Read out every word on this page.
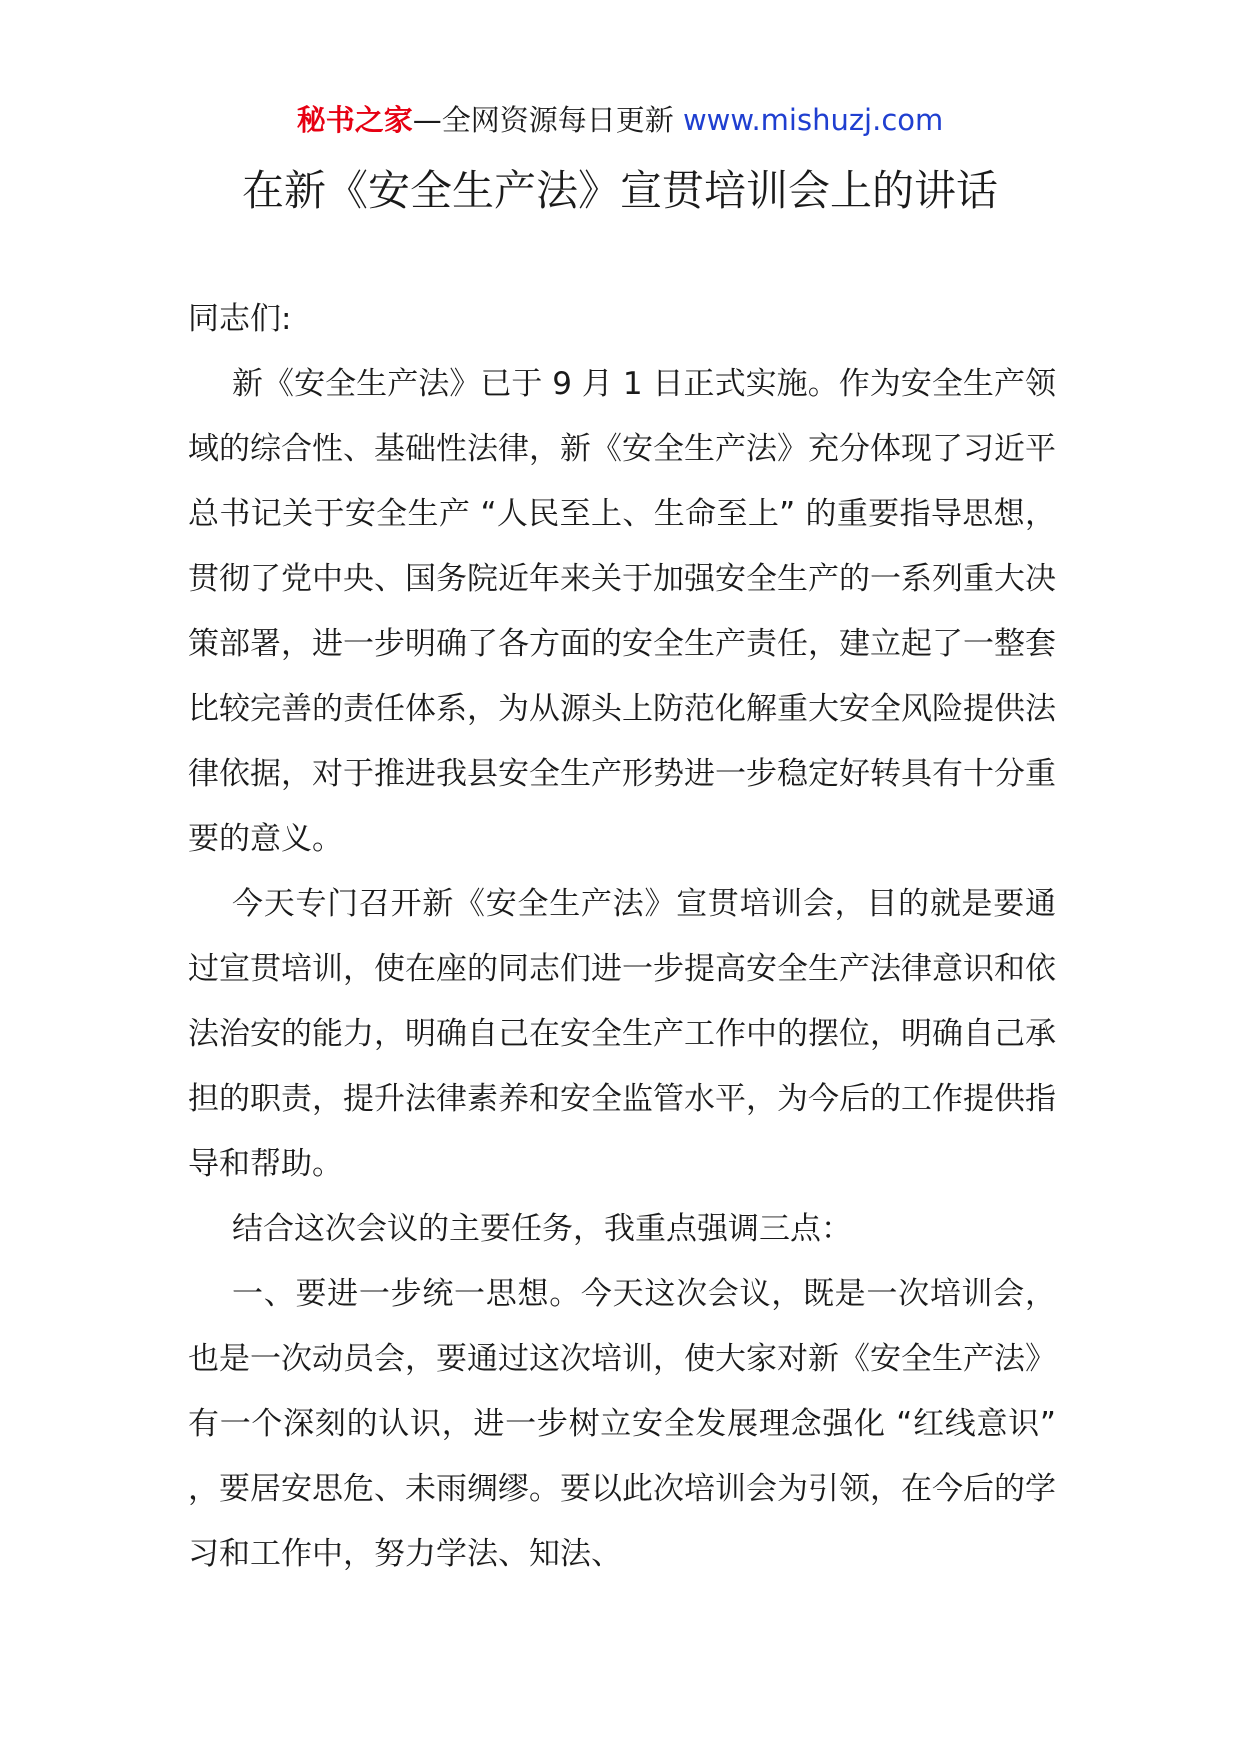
秘书之家—全网资源每日更新 www.mishuzj.com
在新《安全生产法》宣贯培训会上的讲话

同志们:

新《安全生产法》已于 9 月 1 日正式实施。作为安全生产领域的综合性、基础性法律，新《安全生产法》充分体现了习近平总书记关于安全生产 “人民至上、生命至上” 的重要指导思想，贯彻了党中央、国务院近年来关于加强安全生产的一系列重大决策部署，进一步明确了各方面的安全生产责任，建立起了一整套比较完善的责任体系，为从源头上防范化解重大安全风险提供法律依据，对于推进我县安全生产形势进一步稳定好转具有十分重要的意义。

今天专门召开新《安全生产法》宣贯培训会，目的就是要通过宣贯培训，使在座的同志们进一步提高安全生产法律意识和依法治安的能力，明确自己在安全生产工作中的摆位，明确自己承担的职责，提升法律素养和安全监管水平，为今后的工作提供指导和帮助。

结合这次会议的主要任务，我重点强调三点：

一、要进一步统一思想。今天这次会议，既是一次培训会，也是一次动员会，要通过这次培训，使大家对新《安全生产法》有一个深刻的认识，进一步树立安全发展理念强化 “红线意识” ，要居安思危、未雨绸缪。要以此次培训会为引领，在今后的学习和工作中，努力学法、知法、
